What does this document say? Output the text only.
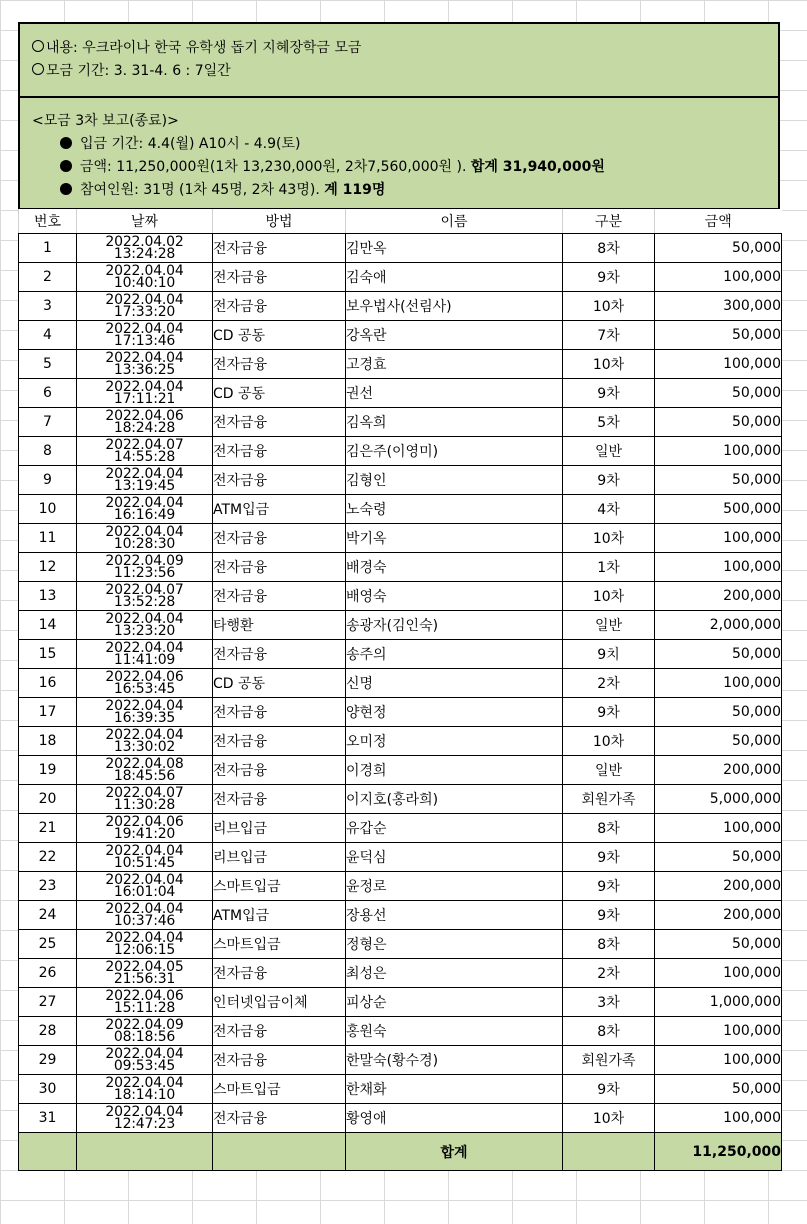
내용: 우크라이나 한국 유학생 돕기 지혜장학금 모금
모금 기간: 3. 31-4. 6 : 7일간
<모금 3차 보고(종료)>
입금 기간: 4.4(월) A10시 - 4.9(토)
금액: 11,250,000원(1차 13,230,000원, 2차7,560,000원 ). 합계 31,940,000원
참여인원: 31명 (1차 45명, 2차 43명). 계 119명
번호	날짜	방법	이름	구분	금액
1	2022.04.02
13:24:28	전자금융	김만옥	8차	50,000
2	2022.04.04
10:40:10	전자금융	김숙애	9차	100,000
3	2022.04.04
17:33:20	전자금융	보우법사(선림사)	10차	300,000
4	2022.04.04
17:13:46	CD 공동	강옥란	7차	50,000
5	2022.04.04
13:36:25	전자금융	고경효	10차	100,000
6	2022.04.04
17:11:21	CD 공동	권선	9차	50,000
7	2022.04.06
18:24:28	전자금융	김옥희	5차	50,000
8	2022.04.07
14:55:28	전자금융	김은주(이영미)	일반	100,000
9	2022.04.04
13:19:45	전자금융	김형인	9차	50,000
10	2022.04.04
16:16:49	ATM입금	노숙령	4차	500,000
11	2022.04.04
10:28:30	전자금융	박기옥	10차	100,000
12	2022.04.09
11:23:56	전자금융	배경숙	1차	100,000
13	2022.04.07
13:52:28	전자금융	배영숙	10차	200,000
14	2022.04.04
13:23:20	타행환	송광자(김인숙)	일반	2,000,000
15	2022.04.04
11:41:09	전자금융	송주의	9치	50,000
16	2022.04.06
16:53:45	CD 공동	신명	2차	100,000
17	2022.04.04
16:39:35	전자금융	양현정	9차	50,000
18	2022.04.04
13:30:02	전자금융	오미정	10차	50,000
19	2022.04.08
18:45:56	전자금융	이경희	일반	200,000
20	2022.04.07
11:30:28	전자금융	이지호(홍라희)	회원가족	5,000,000
21	2022.04.06
19:41:20	리브입금	유갑순	8차	100,000
22	2022.04.04
10:51:45	리브입금	윤덕심	9차	50,000
23	2022.04.04
16:01:04	스마트입금	윤정로	9차	200,000
24	2022.04.04
10:37:46	ATM입금	장용선	9차	200,000
25	2022.04.04
12:06:15	스마트입금	정형은	8차	50,000
26	2022.04.05
21:56:31	전자금융	최성은	2차	100,000
27	2022.04.06
15:11:28	인터넷입금이체	피상순	3차	1,000,000
28	2022.04.09
08:18:56	전자금융	홍원숙	8차	100,000
29	2022.04.04
09:53:45	전자금융	한말숙(황수경)	회원가족	100,000
30	2022.04.04
18:14:10	스마트입금	한채화	9차	50,000
31	2022.04.04
12:47:23	전자금융	황영애	10차	100,000
			합계		11,250,000
